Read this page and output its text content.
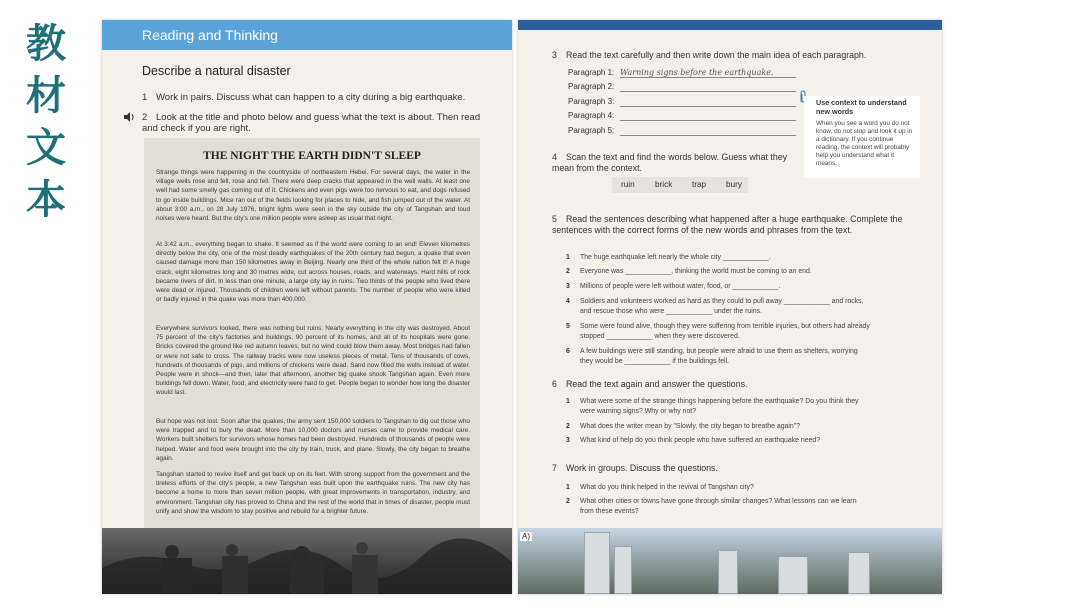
教
材
文
本
Reading and Thinking
Describe a natural disaster
1 Work in pairs. Discuss what can happen to a city during a big earthquake.
2 Look at the title and photo below and guess what the text is about. Then read and check if you are right.
THE NIGHT THE EARTH DIDN'T SLEEP

Strange things were happening in the countryside of northeastern Hebei. For several days, the water in the village wells rose and fell, rose and fell. There were deep cracks that appeared in the well walls. At least one well had some smelly gas coming out of it. Chickens and even pigs were too nervous to eat, and dogs refused to go inside buildings. Mice ran out of the fields looking for places to hide, and fish jumped out of the water. At about 3:00 a.m., on 28 July 1976, bright lights were seen in the sky outside the city of Tangshan and loud noises were heard. But the city's one million people were asleep as usual that night.

At 3:42 a.m., everything began to shake. It seemed as if the world were coming to an end! Eleven kilometres directly below the city, one of the most deadly earthquakes of the 20th century had begun, a quake that even caused damage more than 150 kilometres away in Beijing. Nearly one third of the whole nation felt it! A huge crack, eight kilometres long and 30 metres wide, cut across houses, roads, and waterways. Hard hills of rock became rivers of dirt. In less than one minute, a large city lay in ruins. Two thirds of the people who lived there were dead or injured. Thousands of children were left without parents. The number of people who were killed or badly injured in the quake was more than 400,000.

Everywhere survivors looked, there was nothing but ruins. Nearly everything in the city was destroyed. About 75 percent of the city's factories and buildings, 90 percent of its homes, and all of its hospitals were gone. Bricks covered the ground like red autumn leaves, but no wind could blow them away. Most bridges had fallen or were not safe to cross. The railway tracks were now useless pieces of metal. Tens of thousands of cows, hundreds of thousands of pigs, and millions of chickens were dead. Sand now filled the wells instead of water. People were in shock—and then, later that afternoon, another big quake shook Tangshan again. Even more buildings fell down. Water, food, and electricity were hard to get. People began to wonder how long the disaster would last.

But hope was not lost. Soon after the quakes, the army sent 150,000 soldiers to Tangshan to dig out those who were trapped and to bury the dead. More than 10,000 doctors and nurses came to provide medical care. Workers built shelters for survivors whose homes had been destroyed. Hundreds of thousands of people were helped. Water and food were brought into the city by train, truck, and plane. Slowly, the city began to breathe again.

Tangshan started to revive itself and get back up on its feet. With strong support from the government and the tireless efforts of the city's people, a new Tangshan was built upon the earthquake ruins. The new city has become a home to more than seven million people, with great improvements in transportation, industry, and environment. Tangshan city has proved to China and the rest of the world that in times of disaster, people must unify and show the wisdom to stay positive and rebuild for a brighter future.

3 Read the text carefully and then write down the main idea of each paragraph.
Paragraph 1: Warning signs before the earthquake.
Paragraph 2:
Paragraph 3:
Paragraph 4:
Paragraph 5:
Use context to understand new words
When you see a word you do not know, do not stop and look it up in a dictionary. If you continue reading, the context will probably help you understand what it means.
4 Scan the text and find the words below. Guess what they mean from the context.
ruin	brick	trap	bury
5 Read the sentences describing what happened after a huge earthquake. Complete the sentences with the correct forms of the new words and phrases from the text.
1 The huge earthquake left nearly the whole city ____________.
2 Everyone was ____________, thinking the world must be coming to an end.
3 Millions of people were left without water, food, or ____________.
4 Soldiers and volunteers worked as hard as they could to pull away ____________ and rocks, and rescue those who were ____________ under the ruins.
5 Some were found alive, though they were suffering from terrible injuries, but others had already stopped ____________ when they were discovered.
6 A few buildings were still standing, but people were afraid to use them as shelters, worrying they would be ____________ if the buildings fell.
6 Read the text again and answer the questions.
1 What were some of the strange things happening before the earthquake? Do you think they were warning signs? Why or why not?
2 What does the writer mean by "Slowly, the city began to breathe again"?
3 What kind of help do you think people who have suffered an earthquake need?
7 Work in groups. Discuss the questions.
1 What do you think helped in the revival of Tangshan city?
2 What other cities or towns have gone through similar changes? What lessons can we learn from these events?
A)
